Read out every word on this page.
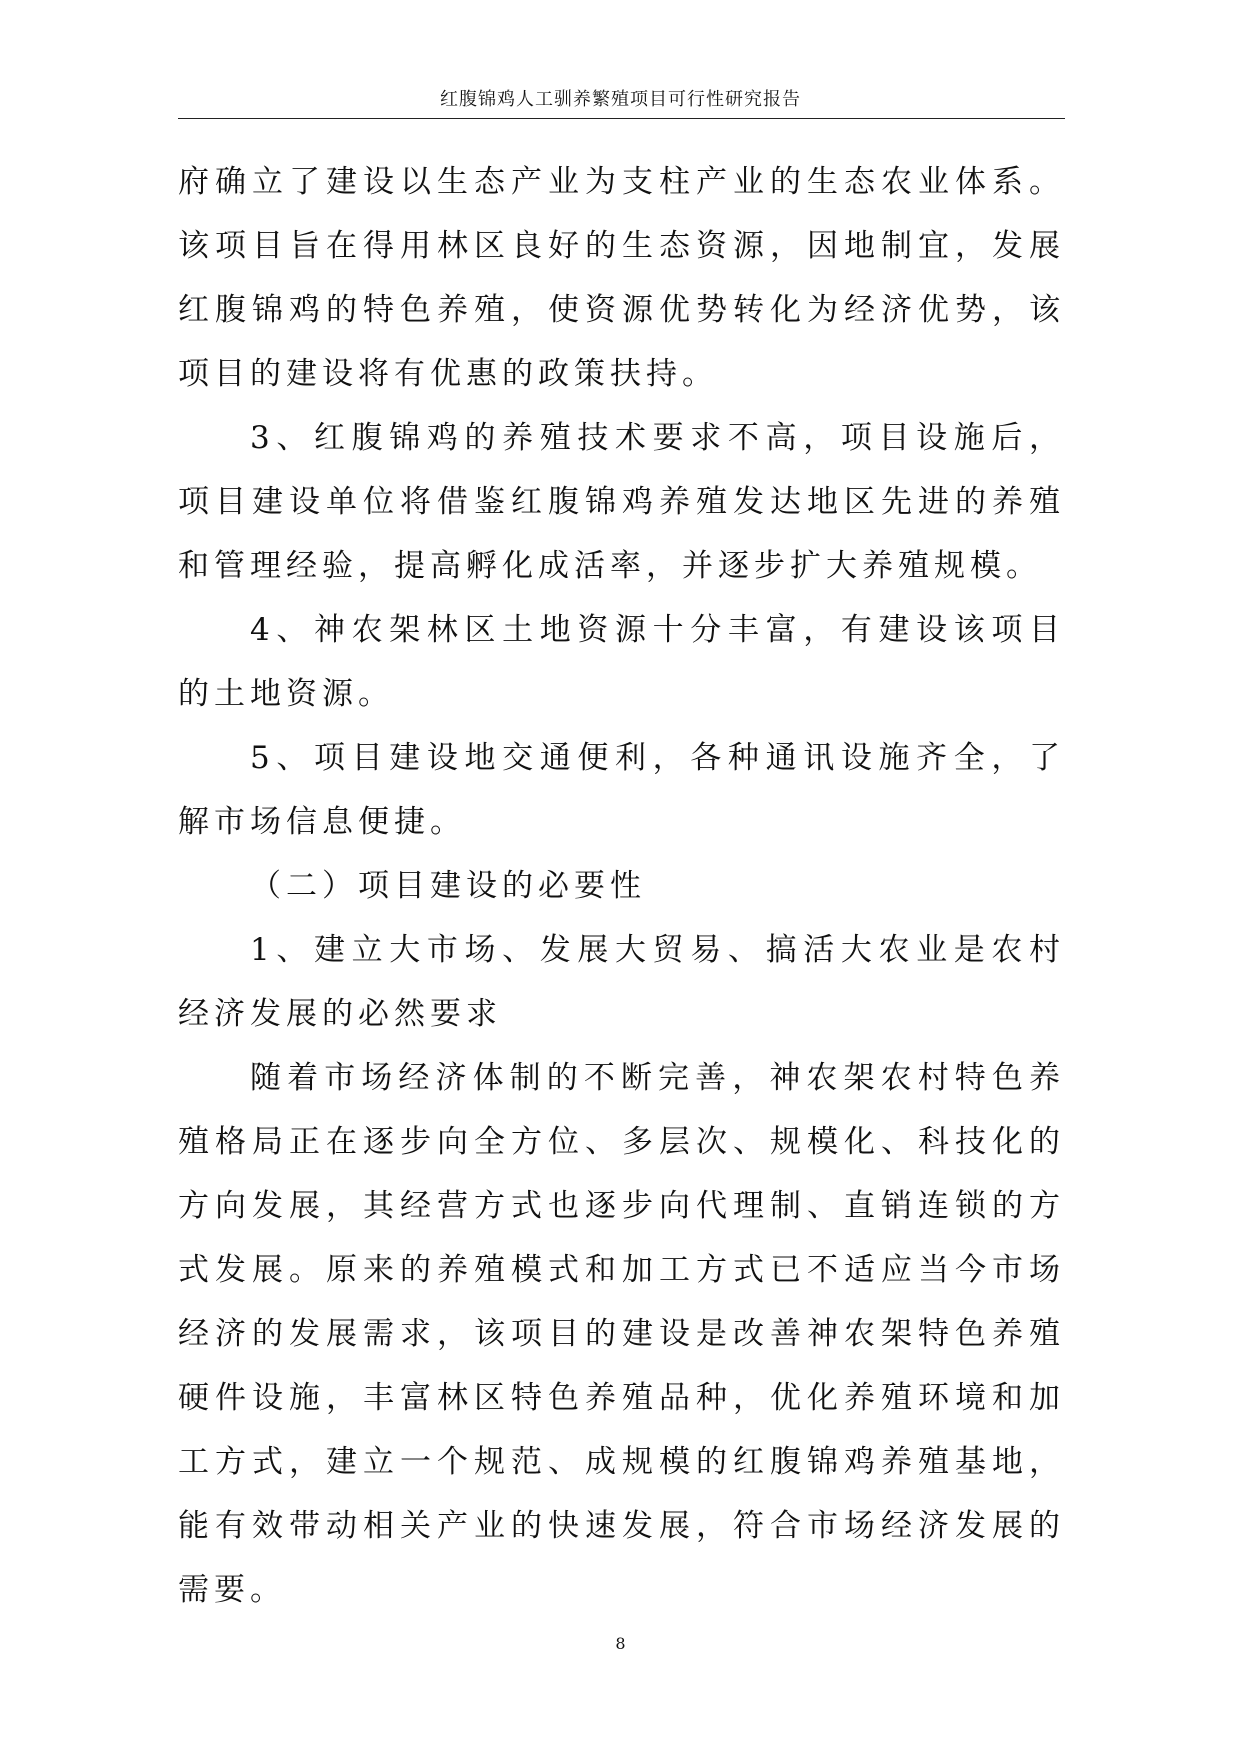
红腹锦鸡人工驯养繁殖项目可行性研究报告

府确立了建设以生态产业为支柱产业的生态农业体系。该项目旨在得用林区良好的生态资源，因地制宜，发展红腹锦鸡的特色养殖，使资源优势转化为经济优势，该项目的建设将有优惠的政策扶持。

3、红腹锦鸡的养殖技术要求不高，项目设施后，项目建设单位将借鉴红腹锦鸡养殖发达地区先进的养殖和管理经验，提高孵化成活率，并逐步扩大养殖规模。

4、神农架林区土地资源十分丰富，有建设该项目的土地资源。

5、项目建设地交通便利，各种通讯设施齐全，了解市场信息便捷。

（二）项目建设的必要性

1、建立大市场、发展大贸易、搞活大农业是农村经济发展的必然要求

随着市场经济体制的不断完善，神农架农村特色养殖格局正在逐步向全方位、多层次、规模化、科技化的方向发展，其经营方式也逐步向代理制、直销连锁的方式发展。原来的养殖模式和加工方式已不适应当今市场经济的发展需求，该项目的建设是改善神农架特色养殖硬件设施，丰富林区特色养殖品种，优化养殖环境和加工方式，建立一个规范、成规模的红腹锦鸡养殖基地，能有效带动相关产业的快速发展，符合市场经济发展的需要。

8
